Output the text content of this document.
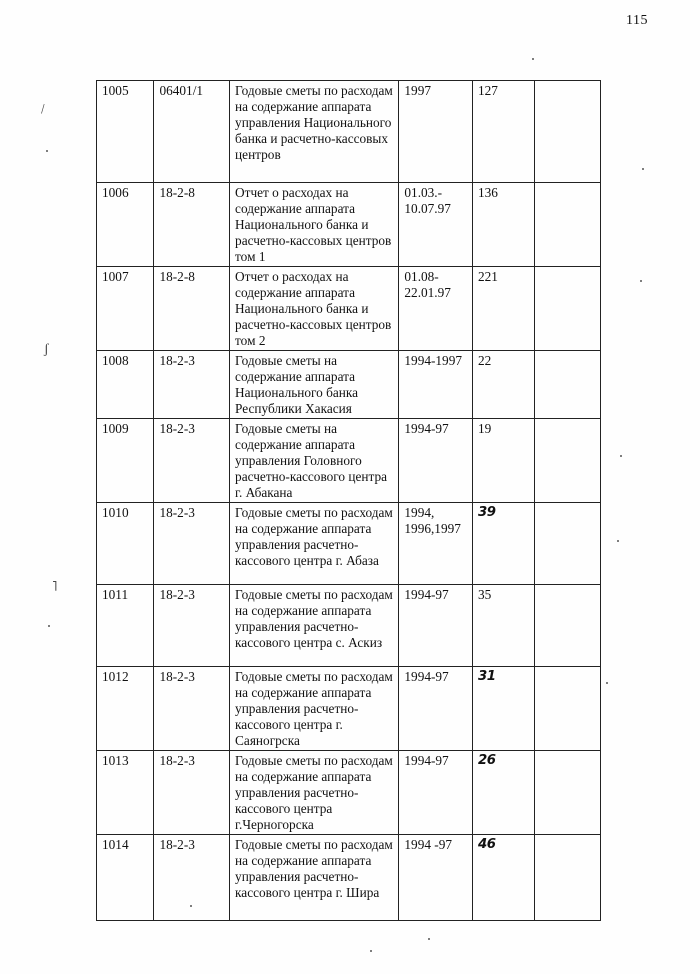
115
1005	06401/1	Годовые сметы по расходам на содержание аппарата управления Национального банка и расчетно-кассовых центров	1997	127	
1006	18-2-8	Отчет о расходах на содержание аппарата Национального банка и расчетно-кассовых центров том 1	01.03.- 10.07.97	136	
1007	18-2-8	Отчет о расходах на содержание аппарата Национального банка и расчетно-кассовых центров том 2	01.08- 22.01.97	221	
1008	18-2-3	Годовые сметы на содержание аппарата Национального банка Республики Хакасия	1994-1997	22	
1009	18-2-3	Годовые сметы на содержание аппарата управления Головного расчетно-кассового центра г. Абакана	1994-97	19	
1010	18-2-3	Годовые сметы по расходам на содержание аппарата управления расчетно-кассового центра г. Абаза	1994, 1996,1997	39	
1011	18-2-3	Годовые сметы по расходам на содержание аппарата управления расчетно-кассового центра с. Аскиз	1994-97	35	
1012	18-2-3	Годовые сметы по расходам на содержание аппарата управления расчетно-кассового центра г. Саяногрска	1994-97	31	
1013	18-2-3	Годовые сметы по расходам на содержание аппарата управления расчетно-кассового центра г.Черногорска	1994-97	26	
1014	18-2-3	Годовые сметы по расходам на содержание аппарата управления расчетно-кассового центра г. Шира	1994 -97	46	
\
ʃ
˥
